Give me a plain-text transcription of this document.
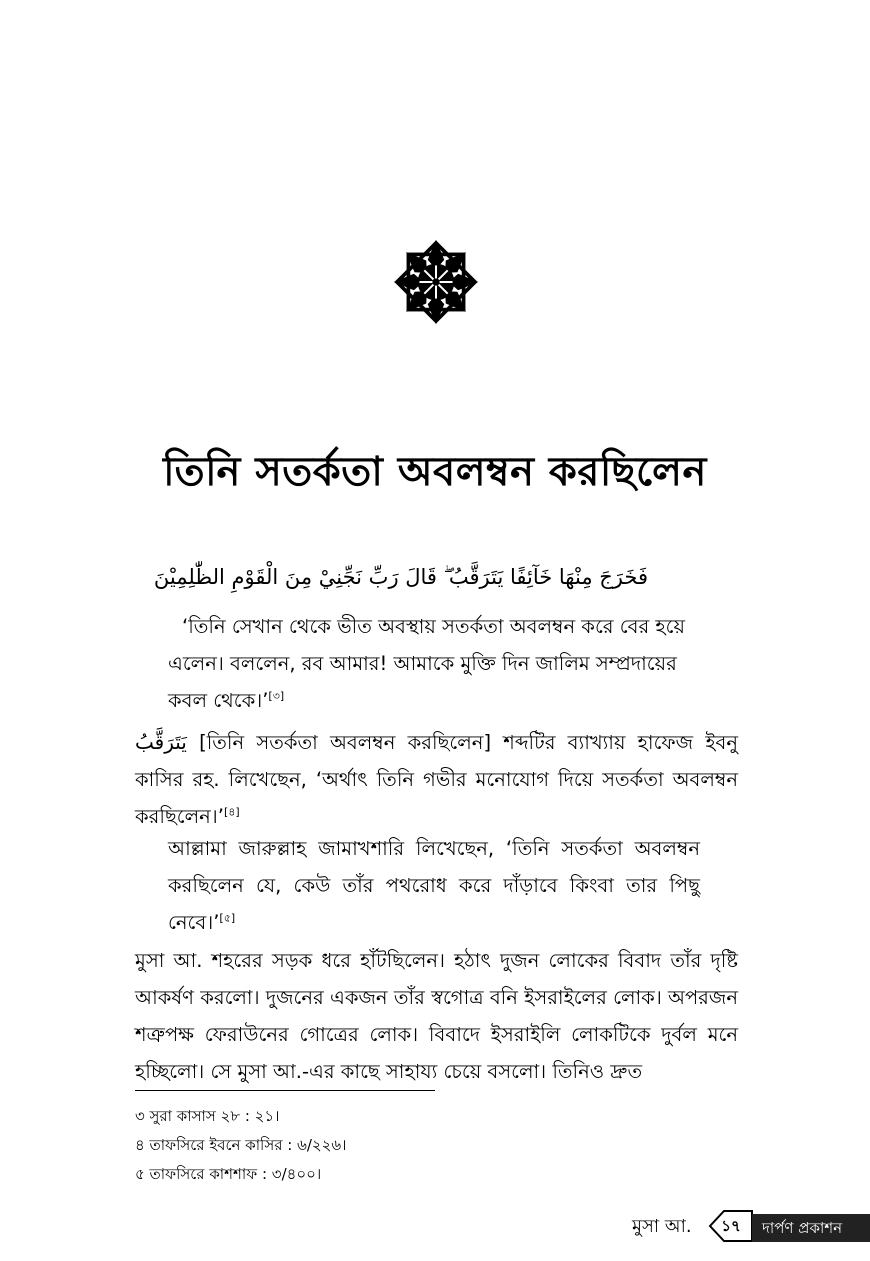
তিনি সতর্কতা অবলম্বন করছিলেন
فَخَرَجَ مِنْهَا خَآئِفًا يَتَرَقَّبُ ۖ قَالَ رَبِّ نَجِّنِيْ مِنَ الْقَوْمِ الظّٰلِمِيْنَ
‘তিনি সেখান থেকে ভীত অবস্থায় সতর্কতা অবলম্বন করে বের হয়ে এলেন। বললেন, রব আমার! আমাকে মুক্তি দিন জালিম সম্প্রদায়ের কবল থেকে।’[৩]
يَتَرَقَّبُ [তিনি সতর্কতা অবলম্বন করছিলেন] শব্দটির ব্যাখ্যায় হাফেজ ইবনু কাসির রহ. লিখেছেন, ‘অর্থাৎ তিনি গভীর মনোযোগ দিয়ে সতর্কতা অবলম্বন করছিলেন।’[৪]
আল্লামা জারুল্লাহ জামাখশারি লিখেছেন, ‘তিনি সতর্কতা অবলম্বন করছিলেন যে, কেউ তাঁর পথরোধ করে দাঁড়াবে কিংবা তার পিছু নেবে।’[৫]
মুসা আ. শহরের সড়ক ধরে হাঁটছিলেন। হঠাৎ দুজন লোকের বিবাদ তাঁর দৃষ্টি আকর্ষণ করলো। দুজনের একজন তাঁর স্বগোত্র বনি ইসরাইলের লোক। অপরজন শত্রুপক্ষ ফেরাউনের গোত্রের লোক। বিবাদে ইসরাইলি লোকটিকে দুর্বল মনে হচ্ছিলো। সে মুসা আ.-এর কাছে সাহায্য চেয়ে বসলো। তিনিও দ্রুত
৩ সুরা কাসাস ২৮ : ২১।
৪ তাফসিরে ইবনে কাসির : ৬/২২৬।
৫ তাফসিরে কাশশাফ : ৩/৪০০।
মুসা আ.	১৭	দার্পণ প্রকাশন
